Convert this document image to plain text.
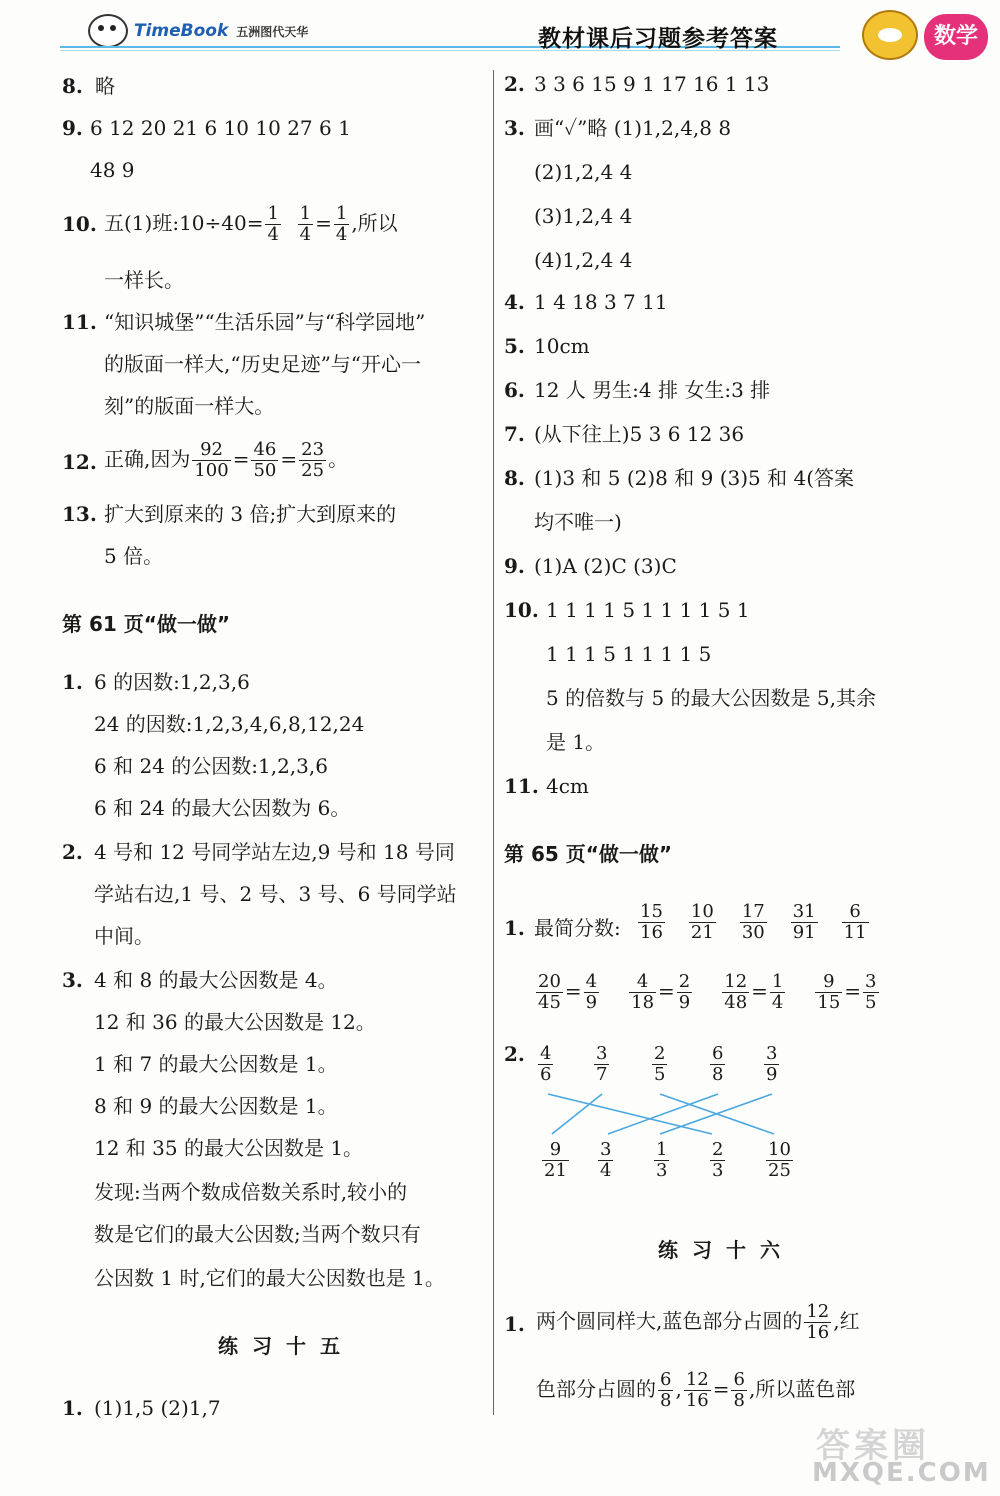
TimeBook 五洲图代天华	教材课后习题参考答案	数学
8. 略
9. 6 12 20 21 6 10 10 27 6 1
48 9
10. 五(1)班:10÷40= $\frac{1}{4}$
$\frac{1}{4} = \frac{1}{4}$ ,所以
一样长。
11. “知识城堡”“生活乐园”与“科学园地”
的版面一样大,“历史足迹”与“开心一
刻”的版面一样大。
12. 正确,因为 $\frac{92}{100} = \frac{46}{50} = \frac{23}{25}$ 。
13. 扩大到原来的 3 倍;扩大到原来的
5 倍。
第 61 页“做一做”
1. 6 的因数:1,2,3,6
24 的因数:1,2,3,4,6,8,12,24
6 和 24 的公因数:1,2,3,6
6 和 24 的最大公因数为 6。
2. 4 号和 12 号同学站左边,9 号和 18 号同
学站右边,1 号、2 号、3 号、6 号同学站
中间。
3. 4 和 8 的最大公因数是 4。
12 和 36 的最大公因数是 12。
1 和 7 的最大公因数是 1。
8 和 9 的最大公因数是 1。
12 和 35 的最大公因数是 1。
发现:当两个数成倍数关系时,较小的
数是它们的最大公因数;当两个数只有
公因数 1 时,它们的最大公因数也是 1。
练习十五
1. (1)1,5 (2)1,7
2. 3 3 6 15 9 1 17 16 1 13
3. 画“✓”略 (1)1,2,4,8 8
(2)1,2,4 4
(3)1,2,4 4
(4)1,2,4 4
4. 1 4 18 3 7 11
5. 10cm
6. 12 人 男生:4 排 女生:3 排
7. (从下往上)5 3 6 12 36
8. (1)3 和 5 (2)8 和 9 (3)5 和 4(答案
均不唯一)
9. (1)A (2)C (3)C
10. 1 1 1 1 5 1 1 1 1 5 1
1 1 1 5 1 1 1 1 5
5 的倍数与 5 的最大公因数是 5,其余
是 1。
11. 4cm
第 65 页“做一做”
1. 最简分数: $\frac{15}{16} \frac{10}{21} \frac{17}{30} \frac{31}{91} \frac{6}{11}$
$\frac{20}{45} = \frac{4}{9} \frac{4}{18} = \frac{2}{9} \frac{12}{48} = \frac{1}{4} \frac{9}{15} = \frac{3}{5}$
2. $\frac{4}{6} \frac{3}{7} \frac{2}{5} \frac{6}{8} \frac{3}{9}$
$\frac{9}{21} \frac{3}{4} \frac{1}{3} \frac{2}{3} \frac{10}{25}$
练习十六
1. 两个圆同样大,蓝色部分占圆的 $\frac{12}{16}$ ,红
色部分占圆的 $\frac{6}{8}$ , $\frac{12}{16} = \frac{6}{8}$ ,所以蓝色部
答案圈
MXQE.COM
